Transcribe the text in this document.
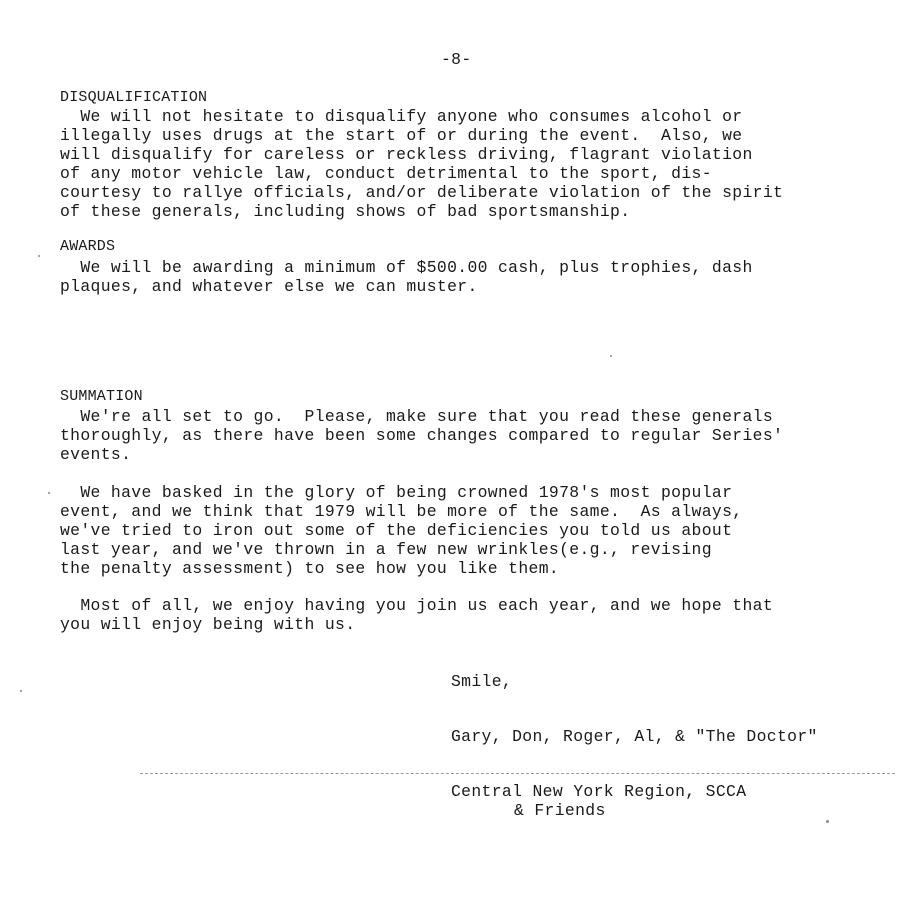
-8-
DISQUALIFICATION
We will not hesitate to disqualify anyone who consumes alcohol or
illegally uses drugs at the start of or during the event.  Also, we
will disqualify for careless or reckless driving, flagrant violation
of any motor vehicle law, conduct detrimental to the sport, dis-
courtesy to rallye officials, and/or deliberate violation of the spirit
of these generals, including shows of bad sportsmanship.
AWARDS
We will be awarding a minimum of $500.00 cash, plus trophies, dash
plaques, and whatever else we can muster.
SUMMATION
We're all set to go.  Please, make sure that you read these generals
thoroughly, as there have been some changes compared to regular Series'
events.
We have basked in the glory of being crowned 1978's most popular
event, and we think that 1979 will be more of the same.  As always,
we've tried to iron out some of the deficiencies you told us about
last year, and we've thrown in a few new wrinkles(e.g., revising
the penalty assessment) to see how you like them.
Most of all, we enjoy having you join us each year, and we hope that
you will enjoy being with us.
Smile,
Gary, Don, Roger, Al, & "The Doctor"
Central New York Region, SCCA
& Friends
